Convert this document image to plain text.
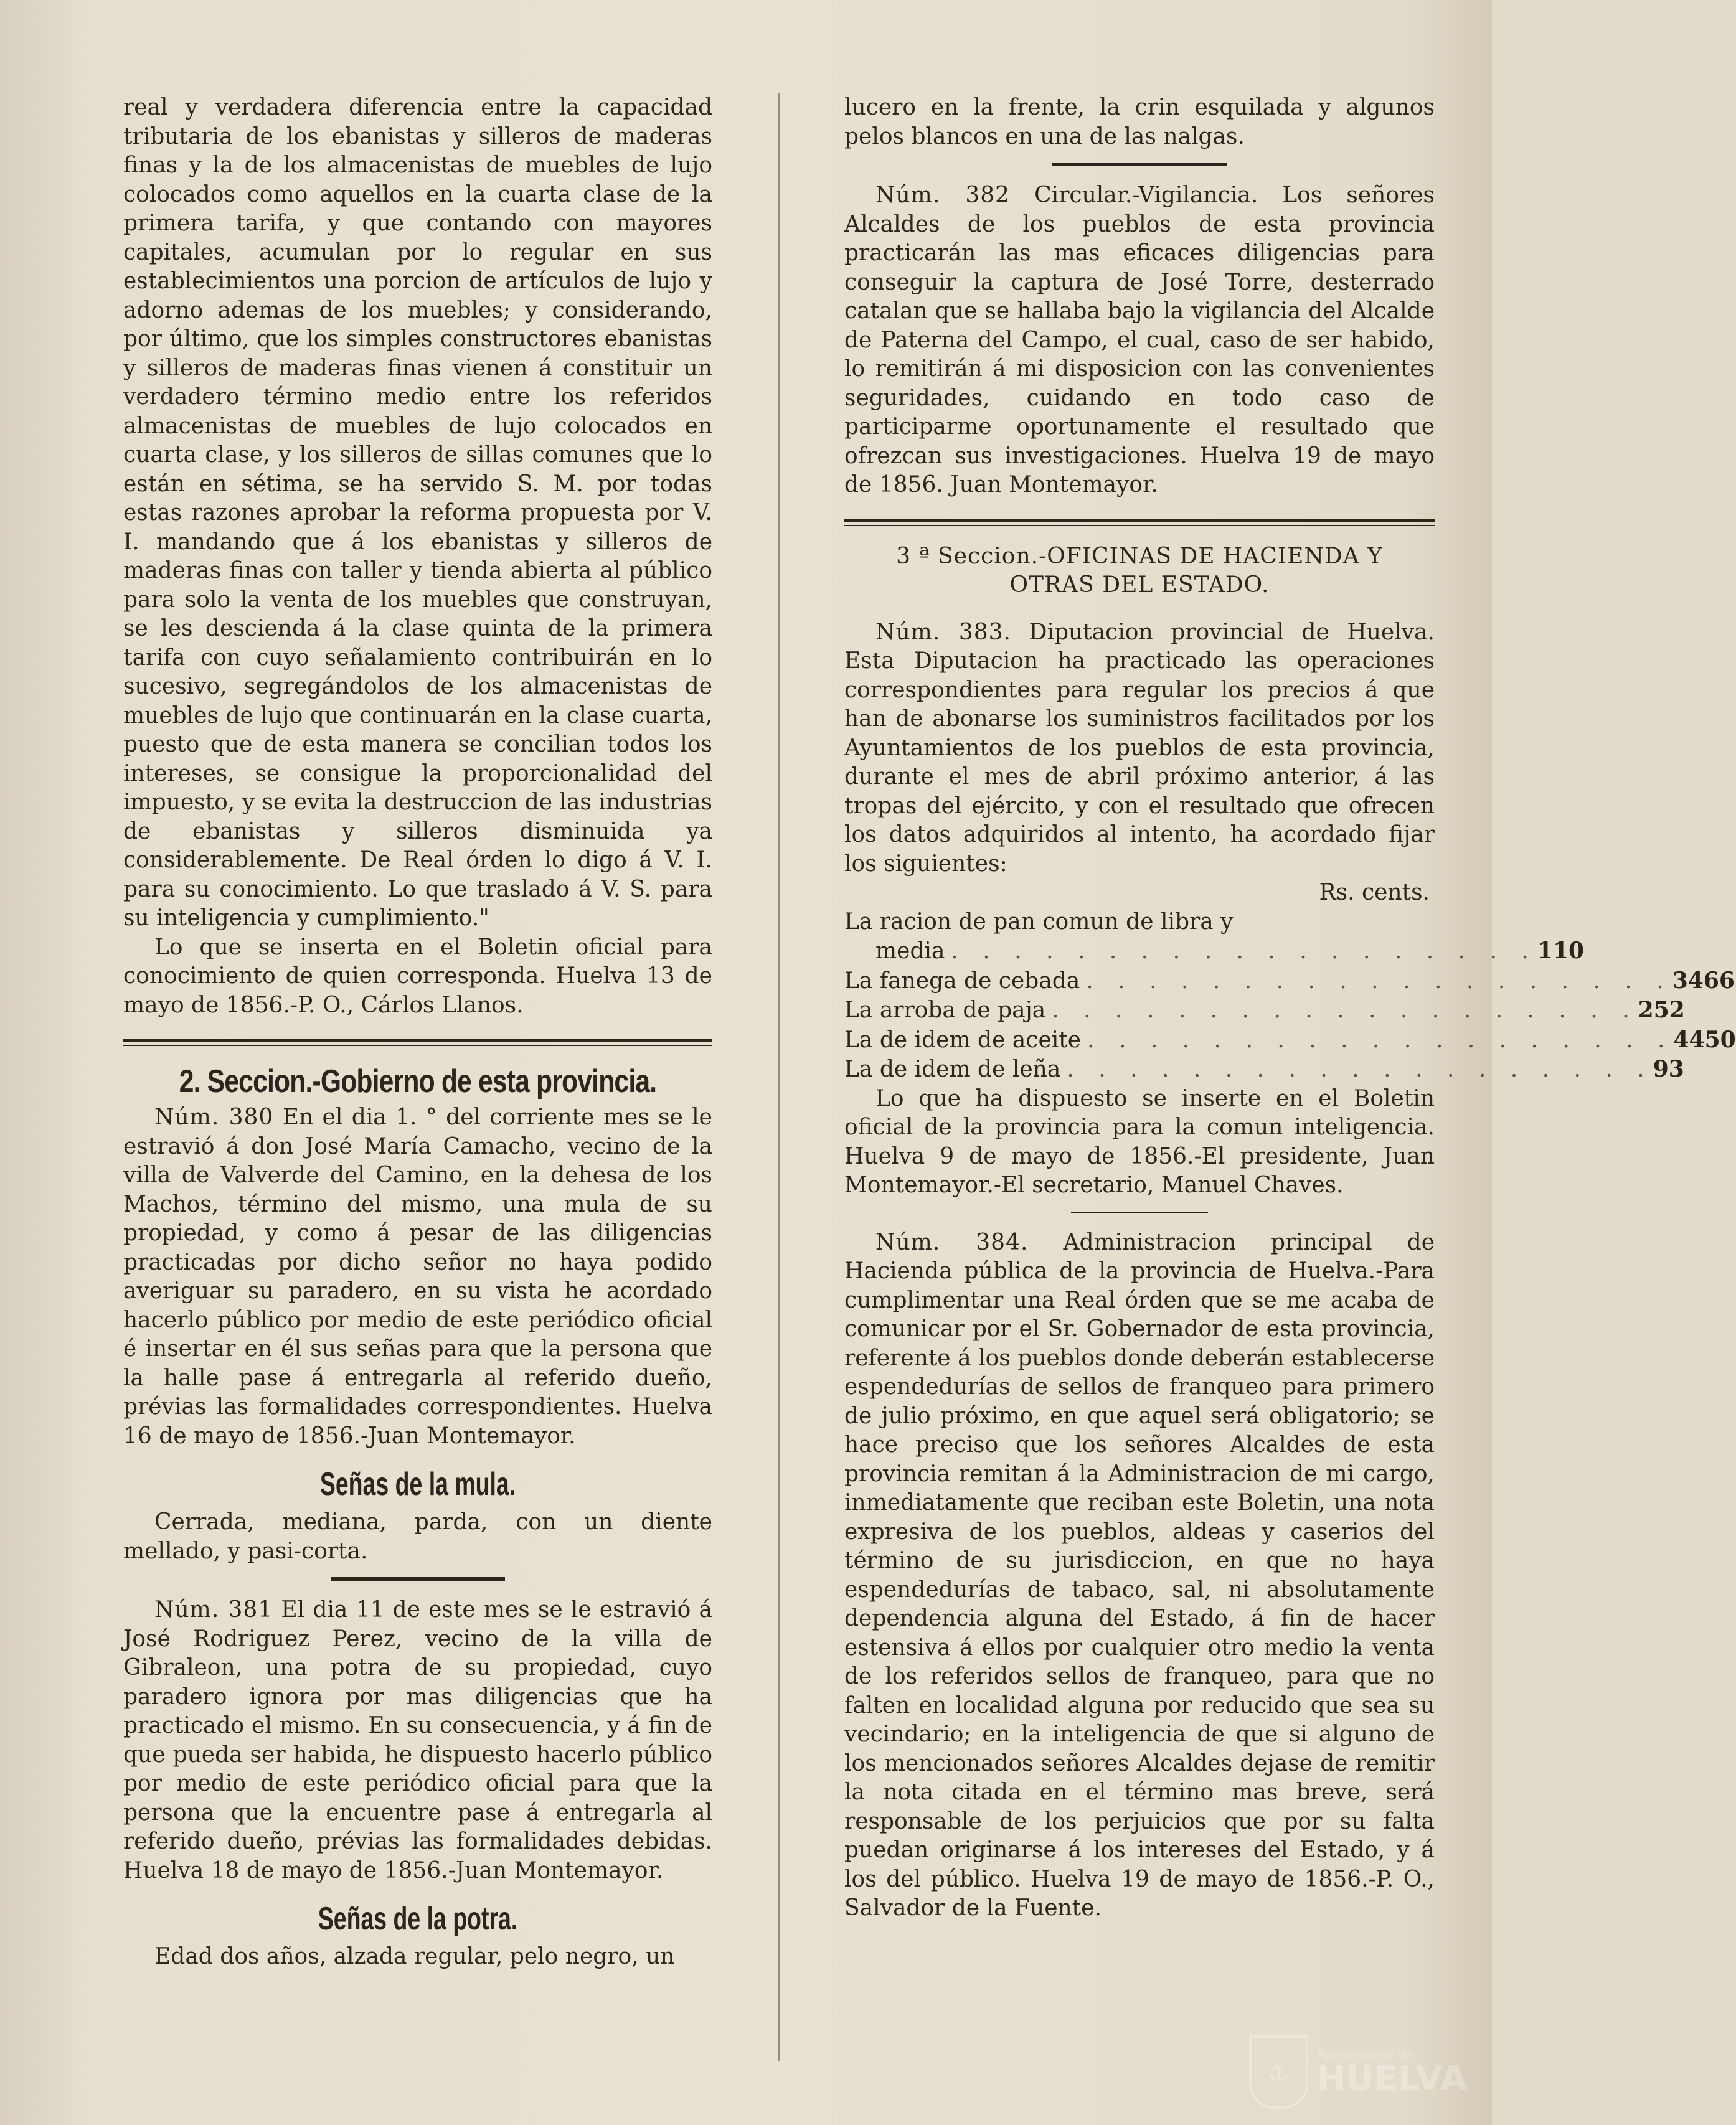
real y verdadera diferencia entre la capacidad tributaria de los ebanistas y silleros de maderas finas y la de los almacenistas de muebles de lujo colocados como aquellos en la cuarta clase de la primera tarifa, y que contando con mayores capitales, acumulan por lo regular en sus establecimientos una porcion de artículos de lujo y adorno ademas de los muebles; y considerando, por último, que los simples constructores ebanistas y silleros de maderas finas vienen á constituir un verdadero término medio entre los referidos almacenistas de muebles de lujo colocados en cuarta clase, y los silleros de sillas comunes que lo están en sétima, se ha servido S. M. por todas estas razones aprobar la reforma propuesta por V. I. mandando que á los ebanistas y silleros de maderas finas con taller y tienda abierta al público para solo la venta de los muebles que construyan, se les descienda á la clase quinta de la primera tarifa con cuyo señalamiento contribuirán en lo sucesivo, segregándolos de los almacenistas de muebles de lujo que continuarán en la clase cuarta, puesto que de esta manera se concilian todos los intereses, se consigue la proporcionalidad del impuesto, y se evita la destruccion de las industrias de ebanistas y silleros disminuida ya considerablemente. De Real órden lo digo á V. I. para su conocimiento. Lo que traslado á V. S. para su inteligencia y cumplimiento."

Lo que se inserta en el Boletin oficial para conocimiento de quien corresponda. Huelva 13 de mayo de 1856.-P. O., Cárlos Llanos.

2. Seccion.-Gobierno de esta provincia.

Núm. 380 En el dia 1. ° del corriente mes se le estravió á don José María Camacho, vecino de la villa de Valverde del Camino, en la dehesa de los Machos, término del mismo, una mula de su propiedad, y como á pesar de las diligencias practicadas por dicho señor no haya podido averiguar su paradero, en su vista he acordado hacerlo público por medio de este periódico oficial é insertar en él sus señas para que la persona que la halle pase á entregarla al referido dueño, prévias las formalidades correspondientes. Huelva 16 de mayo de 1856.-Juan Montemayor.

Señas de la mula.

Cerrada, mediana, parda, con un diente mellado, y pasi-corta.

Núm. 381 El dia 11 de este mes se le estravió á José Rodriguez Perez, vecino de la villa de Gibraleon, una potra de su propiedad, cuyo paradero ignora por mas diligencias que ha practicado el mismo. En su consecuencia, y á fin de que pueda ser habida, he dispuesto hacerlo público por medio de este periódico oficial para que la persona que la encuentre pase á entregarla al referido dueño, prévias las formalidades debidas. Huelva 18 de mayo de 1856.-Juan Montemayor.

Señas de la potra.

Edad dos años, alzada regular, pelo negro, un

lucero en la frente, la crin esquilada y algunos pelos blancos en una de las nalgas.

Núm. 382 Circular.-Vigilancia. Los señores Alcaldes de los pueblos de esta provincia practicarán las mas eficaces diligencias para conseguir la captura de José Torre, desterrado catalan que se hallaba bajo la vigilancia del Alcalde de Paterna del Campo, el cual, caso de ser habido, lo remitirán á mi disposicion con las convenientes seguridades, cuidando en todo caso de participarme oportunamente el resultado que ofrezcan sus investigaciones. Huelva 19 de mayo de 1856. Juan Montemayor.

3 ª Seccion.-OFICINAS DE HACIENDA Y
OTRAS DEL ESTADO.

Núm. 383. Diputacion provincial de Huelva. Esta Diputacion ha practicado las operaciones correspondientes para regular los precios á que han de abonarse los suministros facilitados por los Ayuntamientos de los pueblos de esta provincia, durante el mes de abril próximo anterior, á las tropas del ejército, y con el resultado que ofrecen los datos adquiridos al intento, ha acordado fijar los siguientes:

Rs. cents.
La racion de pan comun de libra y
media . . . . . . . . . . . . . . . . . . . 1 10
La fanega de cebada . . . . . . . . . . . . . . . . . . . 34 66
La arroba de paja . . . . . . . . . . . . . . . . . . . 2 52
La de idem de aceite . . . . . . . . . . . . . . . . . . . 44 50
La de idem de leña . . . . . . . . . . . . . . . . . . . 93

Lo que ha dispuesto se inserte en el Boletin oficial de la provincia para la comun inteligencia. Huelva 9 de mayo de 1856.-El presidente, Juan Montemayor.-El secretario, Manuel Chaves.

Núm. 384. Administracion principal de Hacienda pública de la provincia de Huelva.-Para cumplimentar una Real órden que se me acaba de comunicar por el Sr. Gobernador de esta provincia, referente á los pueblos donde deberán establecerse espendedurías de sellos de franqueo para primero de julio próximo, en que aquel será obligatorio; se hace preciso que los señores Alcaldes de esta provincia remitan á la Administracion de mi cargo, inmediatamente que reciban este Boletin, una nota expresiva de los pueblos, aldeas y caserios del término de su jurisdiccion, en que no haya espendedurías de tabaco, sal, ni absolutamente dependencia alguna del Estado, á fin de hacer estensiva á ellos por cualquier otro medio la venta de los referidos sellos de franqueo, para que no falten en localidad alguna por reducido que sea su vecindario; en la inteligencia de que si alguno de los mencionados señores Alcaldes dejase de remitir la nota citada en el término mas breve, será responsable de los perjuicios que por su falta puedan originarse á los intereses del Estado, y á los del público. Huelva 19 de mayo de 1856.-P. O., Salvador de la Fuente.

⚓
Ayuntamiento de
HUELVA
